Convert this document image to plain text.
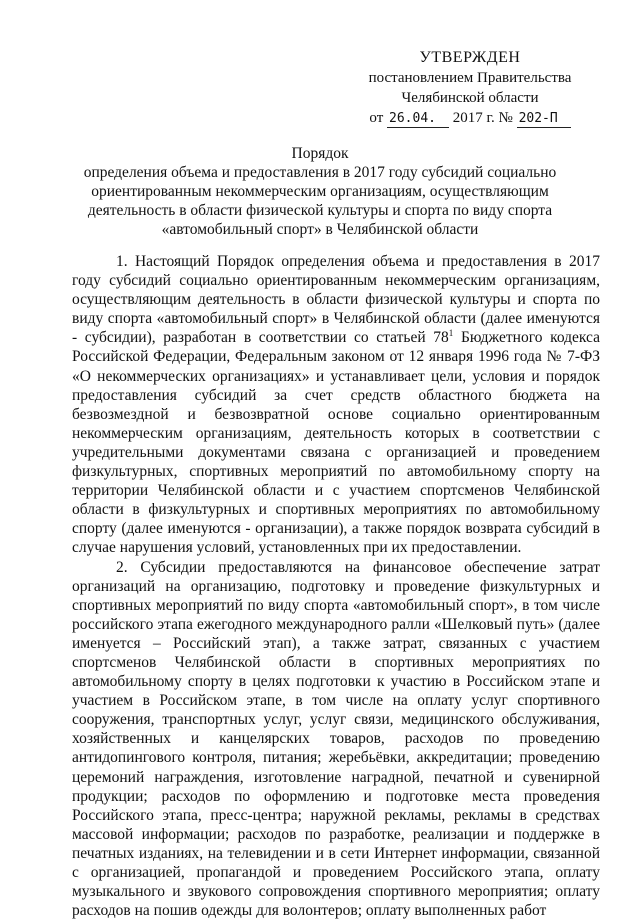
УТВЕРЖДЕН
постановлением Правительства
Челябинской области
от 26.04. 2017 г. № 202-П
Порядок
определения объема и предоставления в 2017 году субсидий социально ориентированным некоммерческим организациям, осуществляющим деятельность в области физической культуры и спорта по виду спорта «автомобильный спорт» в Челябинской области

1. Настоящий Порядок определения объема и предоставления в 2017 году субсидий социально ориентированным некоммерческим организациям, осуществляющим деятельность в области физической культуры и спорта по виду спорта «автомобильный спорт» в Челябинской области (далее именуются - субсидии), разработан в соответствии со статьей $78^1$ Бюджетного кодекса Российской Федерации, Федеральным законом от 12 января 1996 года № 7-ФЗ «О некоммерческих организациях» и устанавливает цели, условия и порядок предоставления субсидий за счет средств областного бюджета на безвозмездной и безвозвратной основе социально ориентированным некоммерческим организациям, деятельность которых в соответствии с учредительными документами связана с организацией и проведением физкультурных, спортивных мероприятий по автомобильному спорту на территории Челябинской области и с участием спортсменов Челябинской области в физкультурных и спортивных мероприятиях по автомобильному спорту (далее именуются - организации), а также порядок возврата субсидий в случае нарушения условий, установленных при их предоставлении.

2. Субсидии предоставляются на финансовое обеспечение затрат организаций на организацию, подготовку и проведение физкультурных и спортивных мероприятий по виду спорта «автомобильный спорт», в том числе российского этапа ежегодного международного ралли «Шелковый путь» (далее именуется – Российский этап), а также затрат, связанных с участием спортсменов Челябинской области в спортивных мероприятиях по автомобильному спорту в целях подготовки к участию в Российском этапе и участием в Российском этапе, в том числе на оплату услуг спортивного сооружения, транспортных услуг, услуг связи, медицинского обслуживания, хозяйственных и канцелярских товаров, расходов по проведению антидопингового контроля, питания; жеребьёвки, аккредитации; проведению церемоний награждения, изготовление наградной, печатной и сувенирной продукции; расходов по оформлению и подготовке места проведения Российского этапа, пресс-центра; наружной рекламы, рекламы в средствах массовой информации; расходов по разработке, реализации и поддержке в печатных изданиях, на телевидении и в сети Интернет информации, связанной с организацией, пропагандой и проведением Российского этапа, оплату музыкального и звукового сопровождения спортивного мероприятия; оплату расходов на пошив одежды для волонтеров; оплату выполненных работ
